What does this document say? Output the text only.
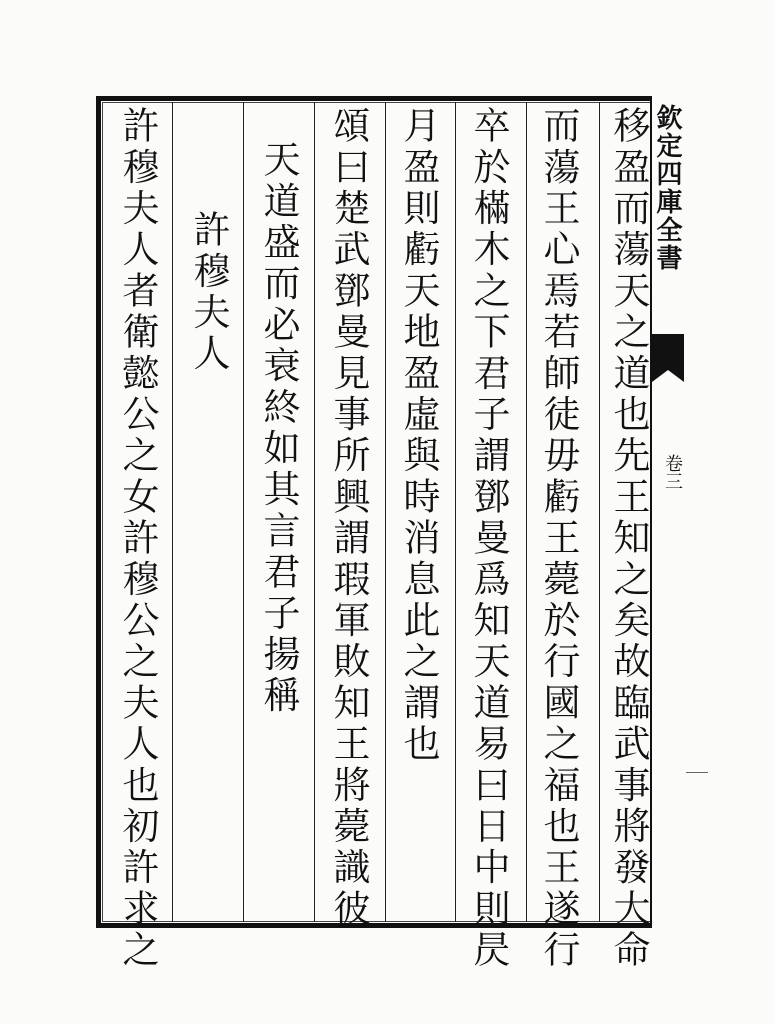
欽定四庫全書
卷三
移盈而蕩天之道也先王知之矣故臨武事將發大命
而蕩王心焉若師徒毋虧王薨於行國之福也王遂行
卒於樠木之下君子謂鄧曼爲知天道易曰日中則昃
月盈則虧天地盈虛與時消息此之謂也
頌曰楚武鄧曼見事所興謂瑕軍敗知王將薨識彼
天道盛而必衰終如其言君子揚稱
許穆夫人
許穆夫人者衛懿公之女許穆公之夫人也初許求之
